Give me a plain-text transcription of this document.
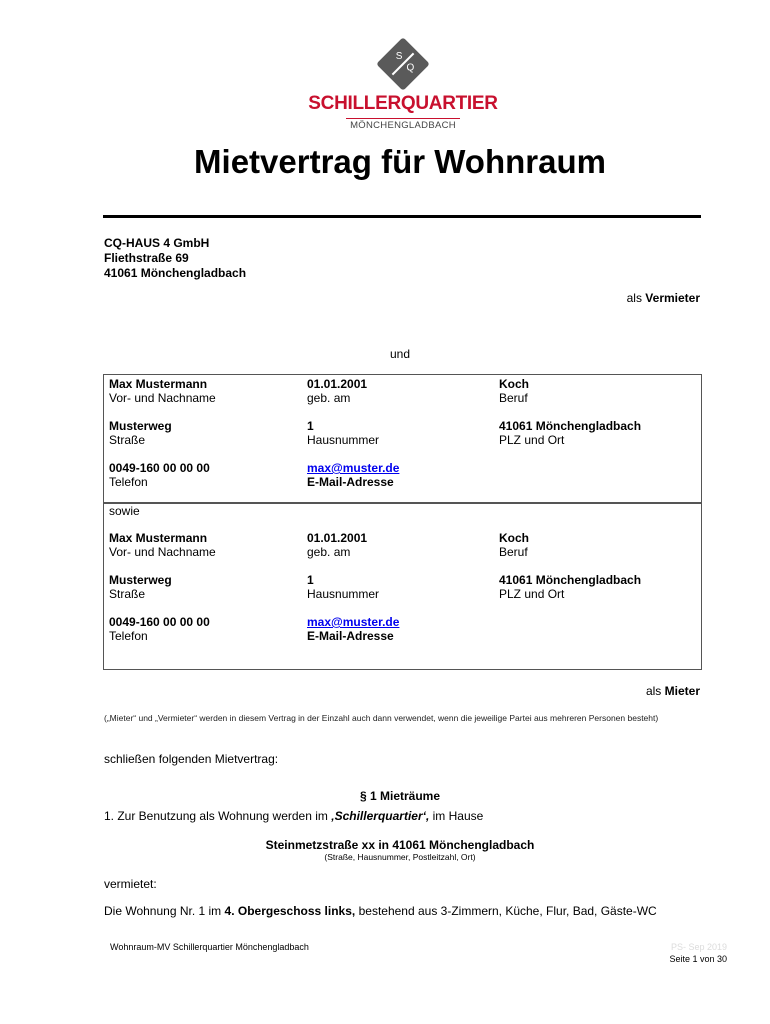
S
Q
SCHILLERQUARTIER
MÖNCHENGLADBACH
Mietvertrag für Wohnraum
CQ-HAUS 4 GmbH
Fliethstraße 69
41061 Mönchengladbach
als Vermieter
und
Max Mustermann
Vor- und Nachname
01.01.2001
geb. am
Koch
Beruf
Musterweg
Straße
1
Hausnummer
41061 Mönchengladbach
PLZ und Ort
0049-160 00 00 00
Telefon
max@muster.de
E-Mail-Adresse
sowie
Max Mustermann
Vor- und Nachname
01.01.2001
geb. am
Koch
Beruf
Musterweg
Straße
1
Hausnummer
41061 Mönchengladbach
PLZ und Ort
0049-160 00 00 00
Telefon
max@muster.de
E-Mail-Adresse
als Mieter
(„Mieter“ und „Vermieter“ werden in diesem Vertrag in der Einzahl auch dann verwendet, wenn die jeweilige Partei aus mehreren Personen besteht)
schließen folgenden Mietvertrag:
§ 1 Mieträume
1. Zur Benutzung als Wohnung werden im ‚Schillerquartier‘, im Hause
Steinmetzstraße xx in 41061 Mönchengladbach
(Straße, Hausnummer, Postleitzahl, Ort)
vermietet:
Die Wohnung Nr. 1 im 4. Obergeschoss links, bestehend aus 3-Zimmern, Küche, Flur, Bad, Gäste-WC
Wohnraum-MV Schillerquartier Mönchengladbach	PS- Sep 2019
Seite 1 von 30
